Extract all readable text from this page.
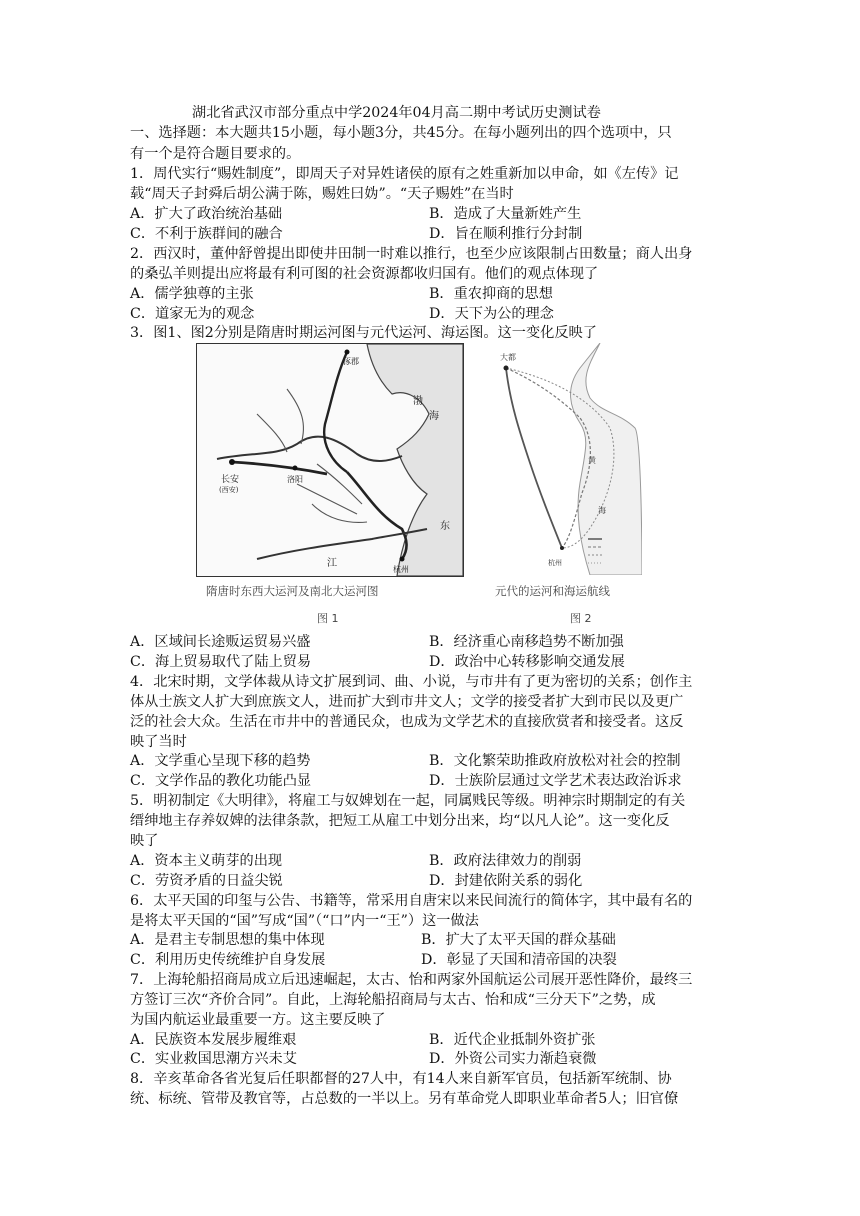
湖北省武汉市部分重点中学2024年04月高二期中考试历史测试卷
一、选择题：本大题共15小题，每小题3分，共45分。在每小题列出的四个选项中，只
有一个是符合题目要求的。
1．周代实行“赐姓制度”，即周天子对异姓诸侯的原有之姓重新加以申命，如《左传》记
载“周天子封舜后胡公满于陈，赐姓曰妫”。“天子赐姓”在当时
A．扩大了政治统治基础	B．造成了大量新姓产生
C．不利于族群间的融合	D．旨在顺利推行分封制
2．西汉时，董仲舒曾提出即使井田制一时难以推行，也至少应该限制占田数量；商人出身
的桑弘羊则提出应将最有利可图的社会资源都收归国有。他们的观点体现了
A．儒学独尊的主张	B．重农抑商的思想
C．道家无为的观念	D．天下为公的理念
3．图1、图2分别是隋唐时期运河图与元代运河、海运图。这一变化反映了
长安
(西安)
洛阳
涿郡
杭州
渤
海
东
江
隋唐时东西大运河及南北大运河图
图 1
大都
杭州
黄
海
元代的运河和海运航线
图 2
A．区域间长途贩运贸易兴盛	B．经济重心南移趋势不断加强
C．海上贸易取代了陆上贸易	D．政治中心转移影响交通发展
4．北宋时期，文学体裁从诗文扩展到词、曲、小说，与市井有了更为密切的关系；创作主
体从士族文人扩大到庶族文人，进而扩大到市井文人；文学的接受者扩大到市民以及更广
泛的社会大众。生活在市井中的普通民众，也成为文学艺术的直接欣赏者和接受者。这反
映了当时
A．文学重心呈现下移的趋势	B．文化繁荣助推政府放松对社会的控制
C．文学作品的教化功能凸显	D．士族阶层通过文学艺术表达政治诉求
5．明初制定《大明律》，将雇工与奴婢划在一起，同属贱民等级。明神宗时期制定的有关
缙绅地主存养奴婢的法律条款，把短工从雇工中划分出来，均“以凡人论”。这一变化反
映了
A．资本主义萌芽的出现	B．政府法律效力的削弱
C．劳资矛盾的日益尖锐	D．封建依附关系的弱化
6．太平天国的印玺与公告、书籍等，常采用自唐宋以来民间流行的简体字，其中最有名的
是将太平天国的“国”写成“国”（“口”内一“王”）这一做法
A．是君主专制思想的集中体现	B．扩大了太平天国的群众基础
C．利用历史传统维护自身发展	D．彰显了天国和清帝国的决裂
7．上海轮船招商局成立后迅速崛起，太古、怡和两家外国航运公司展开恶性降价，最终三
方签订三次“齐价合同”。自此，上海轮船招商局与太古、怡和成“三分天下”之势，成
为国内航运业最重要一方。这主要反映了
A．民族资本发展步履维艰	B．近代企业抵制外资扩张
C．实业救国思潮方兴未艾	D．外资公司实力渐趋衰微
8．辛亥革命各省光复后任职都督的27人中，有14人来自新军官员，包括新军统制、协
统、标统、管带及教官等，占总数的一半以上。另有革命党人即职业革命者5人；旧官僚
